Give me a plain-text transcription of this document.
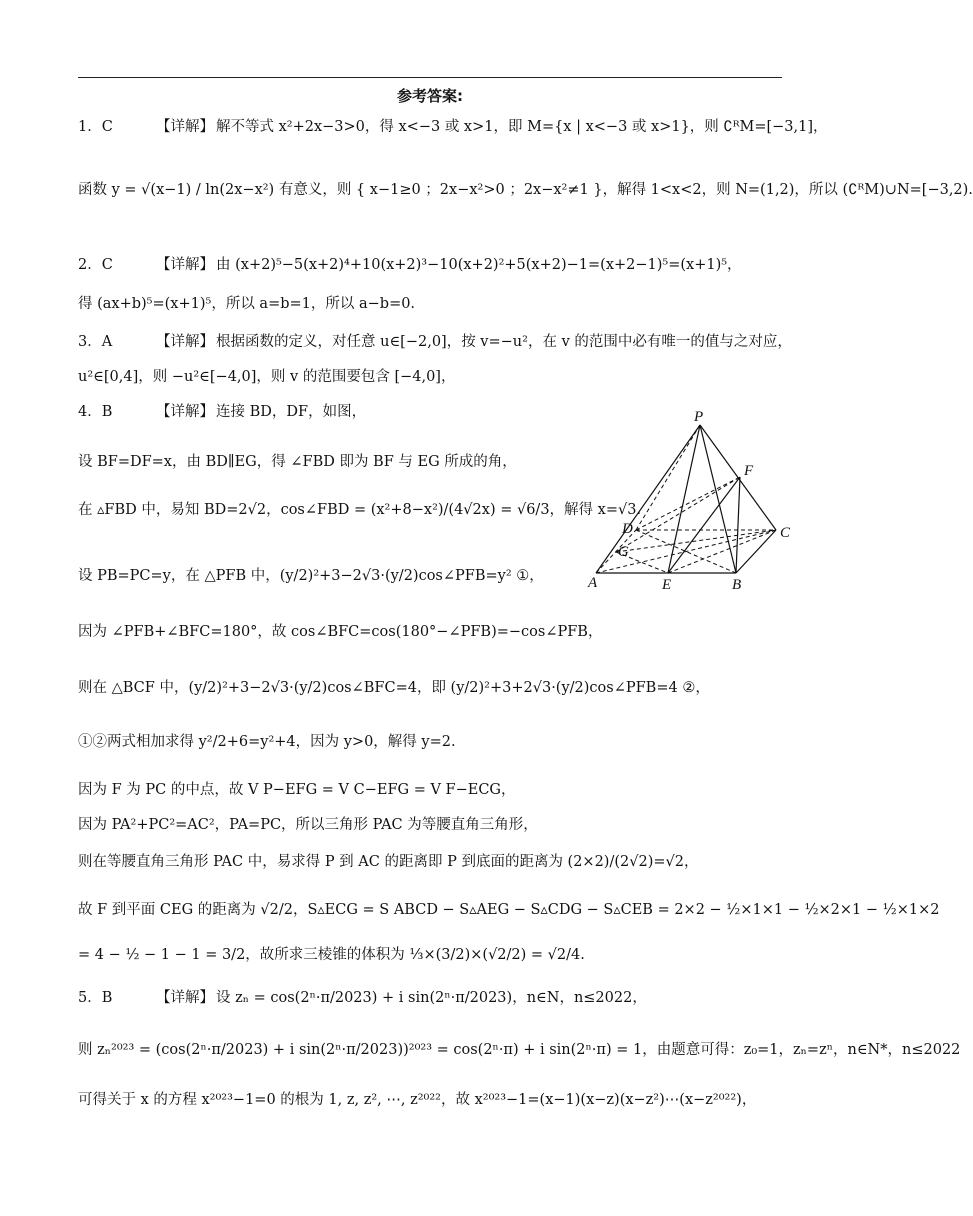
参考答案:
1．C	【详解】 解不等式 x²+2x−3>0，得 x<−3 或 x>1，即 M={x | x<−3 或 x>1}，则 ∁ᴿM=[−3,1]，
函数 y = √(x−1) / ln(2x−x²) 有意义，则 { x−1≥0 ；2x−x²>0 ；2x−x²≠1 }，解得 1<x<2，则 N=(1,2)，所以 (∁ᴿM)∪N=[−3,2).
2．C	【详解】 由 (x+2)⁵−5(x+2)⁴+10(x+2)³−10(x+2)²+5(x+2)−1=(x+2−1)⁵=(x+1)⁵，
得 (ax+b)⁵=(x+1)⁵，所以 a=b=1，所以 a−b=0.
3．A	【详解】 根据函数的定义，对任意 u∈[−2,0]，按 v=−u²，在 v 的范围中必有唯一的值与之对应，
u²∈[0,4]，则 −u²∈[−4,0]，则 v 的范围要包含 [−4,0]，
4．B	【详解】 连接 BD，DF，如图，
设 BF=DF=x，由 BD∥EG，得 ∠FBD 即为 BF 与 EG 所成的角，
在 ▵FBD 中，易知 BD=2√2，cos∠FBD = (x²+8−x²)/(4√2x) = √6/3，解得 x=√3.
设 PB=PC=y，在 △PFB 中，(y/2)²+3−2√3·(y/2)cos∠PFB=y² ①，
因为 ∠PFB+∠BFC=180°，故 cos∠BFC=cos(180°−∠PFB)=−cos∠PFB，
则在 △BCF 中，(y/2)²+3−2√3·(y/2)cos∠BFC=4，即 (y/2)²+3+2√3·(y/2)cos∠PFB=4 ②，
①②两式相加求得 y²/2+6=y²+4，因为 y>0，解得 y=2.
因为 F 为 PC 的中点，故 V P−EFG = V C−EFG = V F−ECG，
因为 PA²+PC²=AC²，PA=PC，所以三角形 PAC 为等腰直角三角形，
则在等腰直角三角形 PAC 中，易求得 P 到 AC 的距离即 P 到底面的距离为 (2×2)/(2√2)=√2，
故 F 到平面 CEG 的距离为 √2/2，S▵ECG = S ABCD − S▵AEG − S▵CDG − S▵CEB = 2×2 − ½×1×1 − ½×2×1 − ½×1×2
= 4 − ½ − 1 − 1 = 3/2，故所求三棱锥的体积为 ⅓×(3/2)×(√2/2) = √2/4.
5．B	【详解】 设 zₙ = cos(2ⁿ·π/2023) + i sin(2ⁿ·π/2023)，n∈N，n≤2022，
则 zₙ²⁰²³ = (cos(2ⁿ·π/2023) + i sin(2ⁿ·π/2023))²⁰²³ = cos(2ⁿ·π) + i sin(2ⁿ·π) = 1，由题意可得：z₀=1，zₙ=zⁿ，n∈N*，n≤2022
可得关于 x 的方程 x²⁰²³−1=0 的根为 1, z, z², ⋯, z²⁰²²，故 x²⁰²³−1=(x−1)(x−z)(x−z²)⋯(x−z²⁰²²)，
P
F
D
G
C
A	E	B
